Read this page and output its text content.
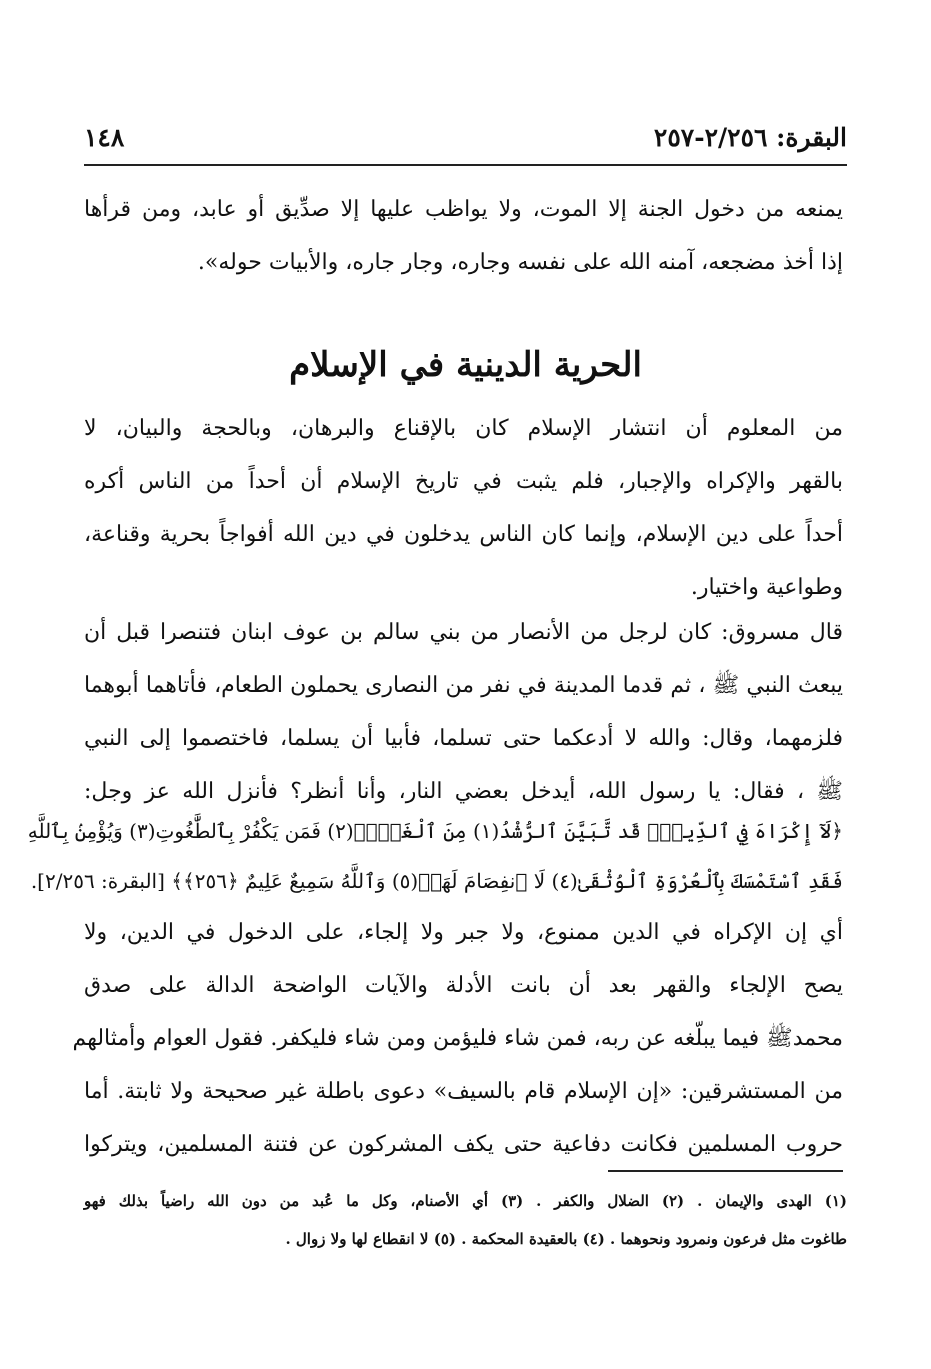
البقرة: ٢/٢٥٦-٢٥٧
١٤٨
يمنعه من دخول الجنة إلا الموت، ولا يواظب عليها إلا صدِّيق أو عابد، ومن قرأها
إذا أخذ مضجعه، آمنه الله على نفسه وجاره، وجار جاره، والأبيات حوله».
الحرية الدينية في الإسلام
من المعلوم أن انتشار الإسلام كان بالإقناع والبرهان، وبالحجة والبيان، لا
بالقهر والإكراه والإجبار، فلم يثبت في تاريخ الإسلام أن أحداً من الناس أكره
أحداً على دين الإسلام، وإنما كان الناس يدخلون في دين الله أفواجاً بحرية وقناعة،
وطواعية واختيار.
قال مسروق: كان لرجل من الأنصار من بني سالم بن عوف ابنان فتنصرا قبل أن
يبعث النبي ﷺ ، ثم قدما المدينة في نفر من النصارى يحملون الطعام، فأتاهما أبوهما
فلزمهما، وقال: والله لا أدعكما حتى تسلما، فأبيا أن يسلما، فاختصموا إلى النبي
ﷺ ، فقال: يا رسول الله، أيدخل بعضي النار، وأنا أنظر؟ فأنزل الله عز وجل:
﴿لَآ إِكْرَاهَ فِي ٱلدِّينِۖ قَد تَّبَيَّنَ ٱلرُّشْدُ(١) مِنَ ٱلْغَيِّۚ(٢) فَمَن يَكْفُرْ بِٱلطَّٰغُوتِ(٣) وَيُؤْمِنۢ بِٱللَّهِ
فَقَدِ ٱسْتَمْسَكَ بِٱلْعُرْوَةِ ٱلْوُثْقَىٰ(٤) لَا ٱنفِصَامَ لَهَاۗ(٥) وَٱللَّهُ سَمِيعٌ عَلِيمٌ ﴿٢٥٦﴾﴾ [البقرة: ٢/٢٥٦].
أي إن الإكراه في الدين ممنوع، ولا جبر ولا إلجاء، على الدخول في الدين، ولا
يصح الإلجاء والقهر بعد أن بانت الأدلة والآيات الواضحة الدالة على صدق
محمدﷺ فيما يبلّغه عن ربه، فمن شاء فليؤمن ومن شاء فليكفر. فقول العوام وأمثالهم
من المستشرقين: «إن الإسلام قام بالسيف» دعوى باطلة غير صحيحة ولا ثابتة. أما
حروب المسلمين فكانت دفاعية حتى يكف المشركون عن فتنة المسلمين، ويتركوا
(١) الهدى والإيمان . (٢) الضلال والكفر . (٣) أي الأصنام، وكل ما عُبد من دون الله راضياً بذلك فهو
طاغوت مثل فرعون ونمرود ونحوهما . (٤) بالعقيدة المحكمة . (٥) لا انقطاع لها ولا زوال .
